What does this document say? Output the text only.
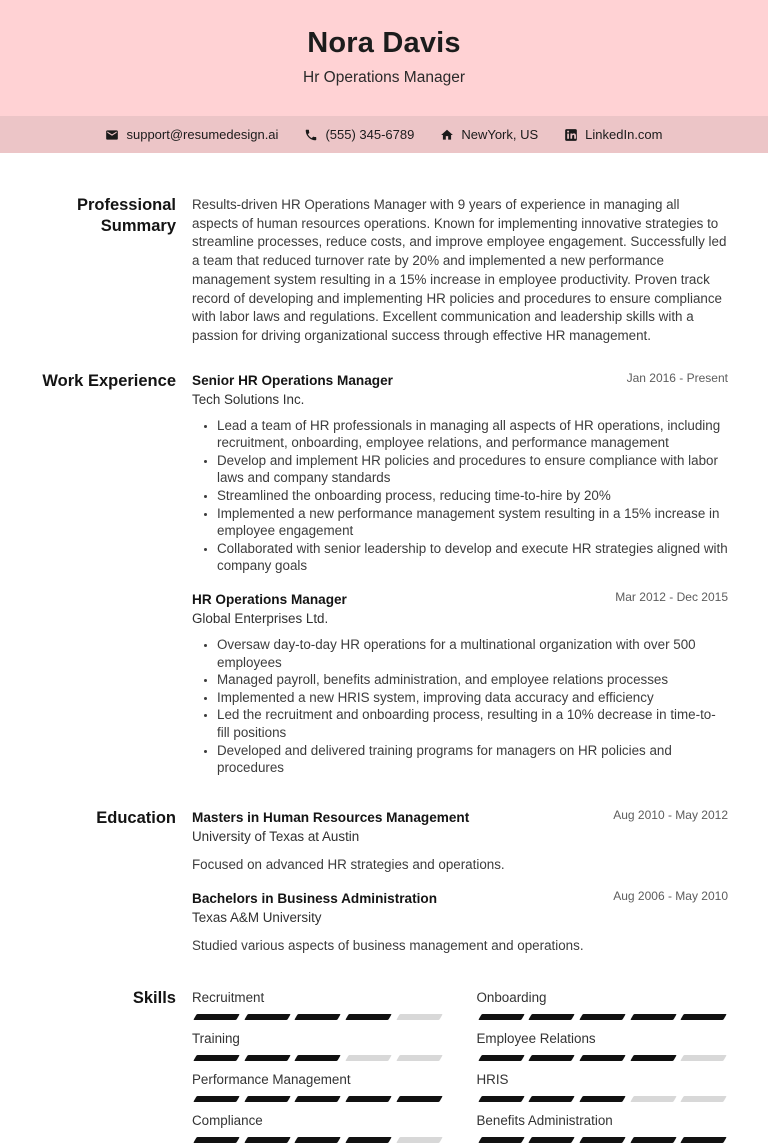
Nora Davis
Hr Operations Manager
support@resumedesign.ai	(555) 345-6789	NewYork, US	LinkedIn.com
Professional Summary
Results-driven HR Operations Manager with 9 years of experience in managing all aspects of human resources operations. Known for implementing innovative strategies to streamline processes, reduce costs, and improve employee engagement. Successfully led a team that reduced turnover rate by 20% and implemented a new performance management system resulting in a 15% increase in employee productivity. Proven track record of developing and implementing HR policies and procedures to ensure compliance with labor laws and regulations. Excellent communication and leadership skills with a passion for driving organizational success through effective HR management.
Work Experience Senior HR Operations Manager	Jan 2016 - Present
Tech Solutions Inc.
• Lead a team of HR professionals in managing all aspects of HR operations, including recruitment, onboarding, employee relations, and performance management
• Develop and implement HR policies and procedures to ensure compliance with labor laws and company standards
• Streamlined the onboarding process, reducing time-to-hire by 20%
• Implemented a new performance management system resulting in a 15% increase in employee engagement
• Collaborated with senior leadership to develop and execute HR strategies aligned with company goals
HR Operations Manager	Mar 2012 - Dec 2015
Global Enterprises Ltd.
• Oversaw day-to-day HR operations for a multinational organization with over 500 employees
• Managed payroll, benefits administration, and employee relations processes
• Implemented a new HRIS system, improving data accuracy and efficiency
• Led the recruitment and onboarding process, resulting in a 10% decrease in time-to-fill positions
• Developed and delivered training programs for managers on HR policies and procedures
Education Masters in Human Resources Management	Aug 2010 - May 2012
University of Texas at Austin
Focused on advanced HR strategies and operations.
Bachelors in Business Administration	Aug 2006 - May 2010
Texas A&M University
Studied various aspects of business management and operations.
Skills Recruitment
Training
Performance Management
Compliance
Onboarding
Employee Relations
HRIS
Benefits Administration
